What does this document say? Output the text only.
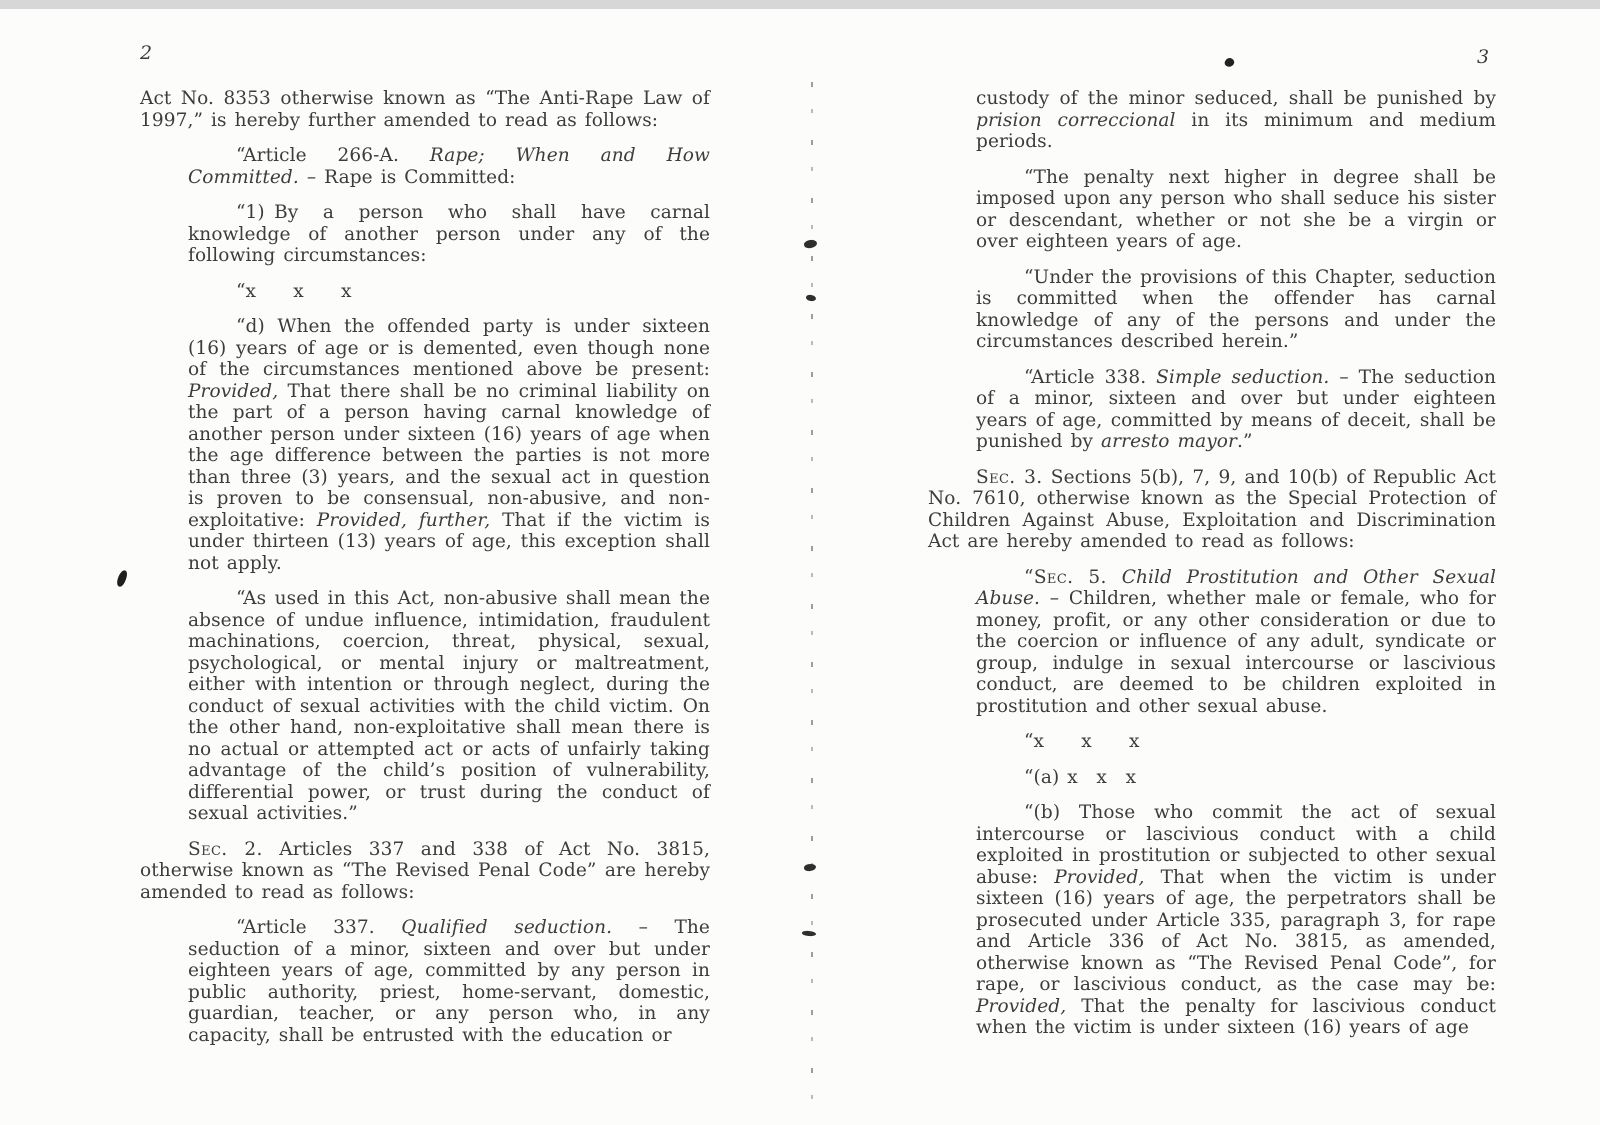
2

Act No. 8353 otherwise known as “The Anti-Rape Law of 1997,” is hereby further amended to read as follows:

“Article 266-A. Rape; When and How Committed. – Rape is Committed:

“1) By a person who shall have carnal knowledge of another person under any of the following circumstances:

“x  x  x

“d) When the offended party is under sixteen (16) years of age or is demented, even though none of the circumstances mentioned above be present: Provided, That there shall be no criminal liability on the part of a person having carnal knowledge of another person under sixteen (16) years of age when the age difference between the parties is not more than three (3) years, and the sexual act in question is proven to be consensual, non-abusive, and non-exploitative: Provided, further, That if the victim is under thirteen (13) years of age, this exception shall not apply.

“As used in this Act, non-abusive shall mean the absence of undue influence, intimidation, fraudulent machinations, coercion, threat, physical, sexual, psychological, or mental injury or maltreatment, either with intention or through neglect, during the conduct of sexual activities with the child victim. On the other hand, non-exploitative shall mean there is no actual or attempted act or acts of unfairly taking advantage of the child’s position of vulnerability, differential power, or trust during the conduct of sexual activities.”

Sec. 2. Articles 337 and 338 of Act No. 3815, otherwise known as “The Revised Penal Code” are hereby amended to read as follows:

“Article 337. Qualified seduction. – The seduction of a minor, sixteen and over but under eighteen years of age, committed by any person in public authority, priest, home-servant, domestic, guardian, teacher, or any person who, in any capacity, shall be entrusted with the education or

3

custody of the minor seduced, shall be punished by prision correccional in its minimum and medium periods.

“The penalty next higher in degree shall be imposed upon any person who shall seduce his sister or descendant, whether or not she be a virgin or over eighteen years of age.

“Under the provisions of this Chapter, seduction is committed when the offender has carnal knowledge of any of the persons and under the circumstances described herein.”

“Article 338. Simple seduction. – The seduction of a minor, sixteen and over but under eighteen years of age, committed by means of deceit, shall be punished by arresto mayor.”

Sec. 3. Sections 5(b), 7, 9, and 10(b) of Republic Act No. 7610, otherwise known as the Special Protection of Children Against Abuse, Exploitation and Discrimination Act are hereby amended to read as follows:

“Sec. 5. Child Prostitution and Other Sexual Abuse. – Children, whether male or female, who for money, profit, or any other consideration or due to the coercion or influence of any adult, syndicate or group, indulge in sexual intercourse or lascivious conduct, are deemed to be children exploited in prostitution and other sexual abuse.

“x  x  x

“(a) x x x

“(b) Those who commit the act of sexual intercourse or lascivious conduct with a child exploited in prostitution or subjected to other sexual abuse: Provided, That when the victim is under sixteen (16) years of age, the perpetrators shall be prosecuted under Article 335, paragraph 3, for rape and Article 336 of Act No. 3815, as amended, otherwise known as “The Revised Penal Code”, for rape, or lascivious conduct, as the case may be: Provided, That the penalty for lascivious conduct when the victim is under sixteen (16) years of age
